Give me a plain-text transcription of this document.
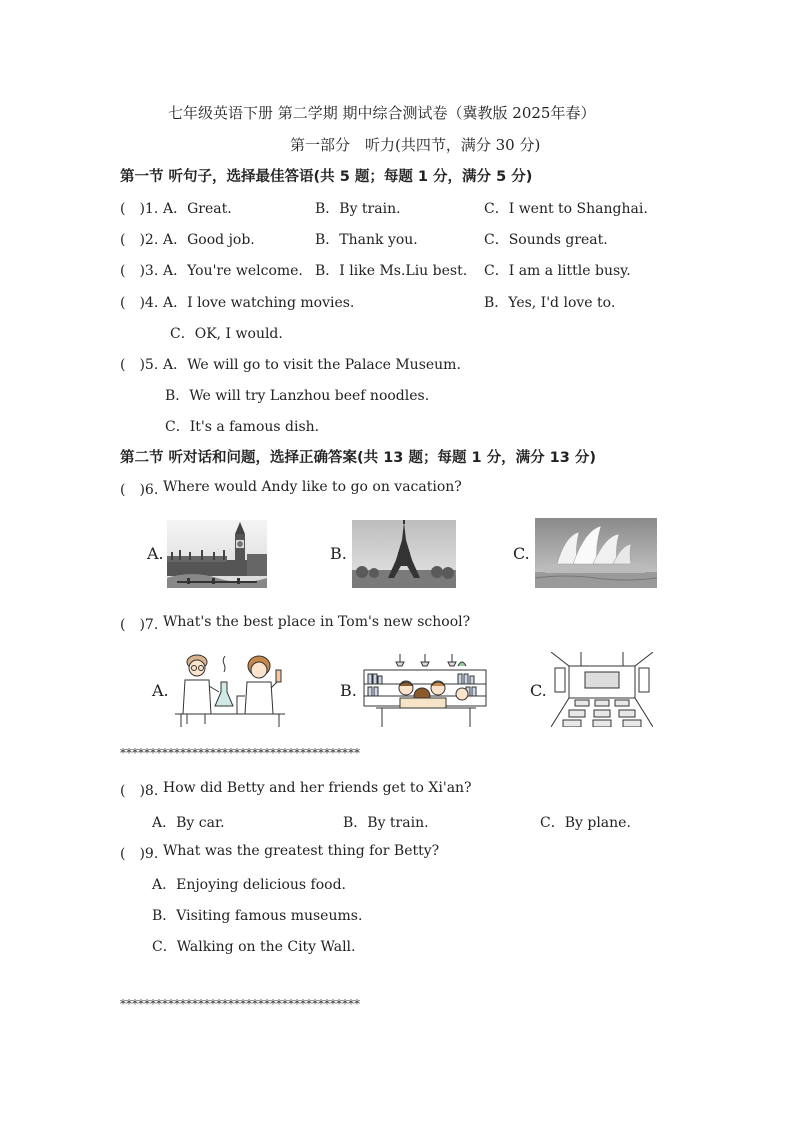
七年级英语下册 第二学期 期中综合测试卷（冀教版 2025年春）
第一部分　听力(共四节，满分 30 分)
第一节 听句子，选择最佳答语(共 5 题；每题 1 分，满分 5 分)
(　)1. A．Great.	B．By train.	C．I went to Shanghai.
(　)2. A．Good job.	B．Thank you.	C．Sounds great.
(　)3. A．You're welcome. B．I like Ms.Liu best. C．I am a little busy.
(　)4. A．I love watching movies.	B．Yes, I'd love to.
C．OK, I would.
(　)5. A．We will go to visit the Palace Museum.
B．We will try Lanzhou beef noodles.
C．It's a famous dish.
第二节 听对话和问题，选择正确答案(共 13 题；每题 1 分，满分 13 分)
(　)6. Where would Andy like to go on vacation?
A.	B.	C.
(　)7. What's the best place in Tom's new school?
A.	B.	C.
****************************************
(　)8. How did Betty and her friends get to Xi'an?
A．By car.	B．By train.	C．By plane.
(　)9. What was the greatest thing for Betty?
A．Enjoying delicious food.
B．Visiting famous museums.
C．Walking on the City Wall.
****************************************
